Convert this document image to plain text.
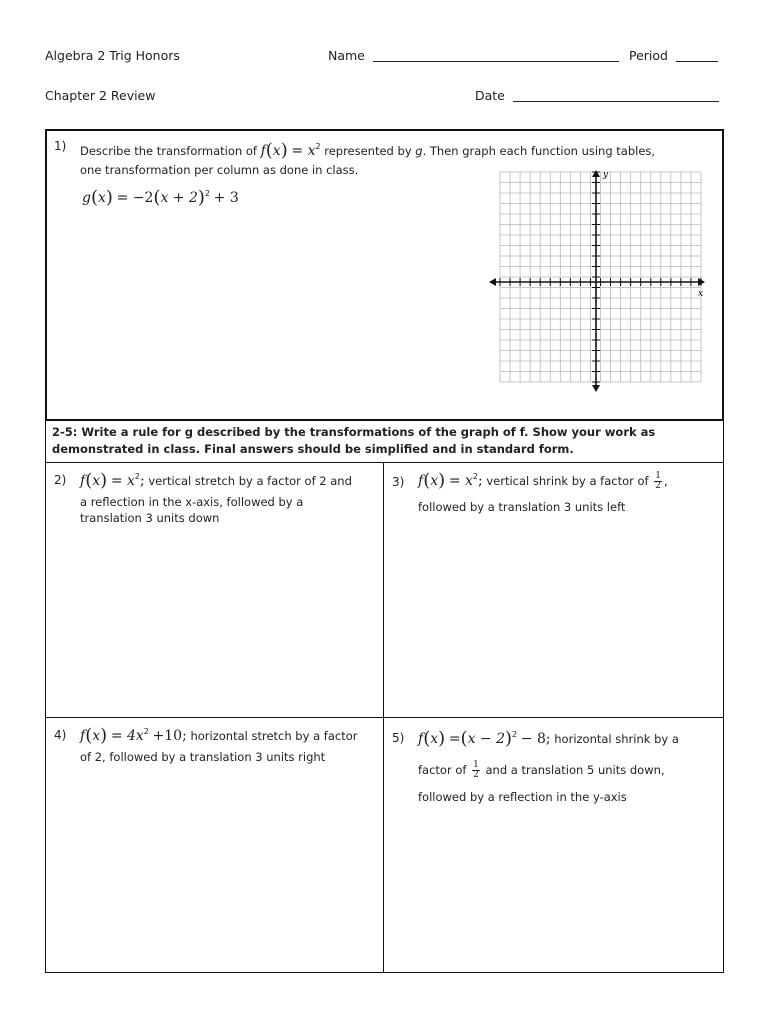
Algebra 2 Trig Honors	Name	Period
Chapter 2 Review	Date
1) Describe the transformation of $f(x) = x^2$ represented by g. Then graph each function using tables,
one transformation per column as done in class.
$g(x) = -2(x + 2)^2 + 3$
x
y
2-5: Write a rule for g described by the transformations of the graph of f. Show your work as
demonstrated in class. Final answers should be simplified and in standard form.
2) $f(x) = x^2$; vertical stretch by a factor of 2 and
a reflection in the x-axis, followed by a
translation 3 units down
3) $f(x) = x^2$; vertical shrink by a factor of $\frac{1}{2}$ ,
followed by a translation 3 units left
4) $f(x) = 4x^2 +10$; horizontal stretch by a factor
of 2, followed by a translation 3 units right
5) $f(x) =(x - 2)^2 - 8$; horizontal shrink by a
factor of $\frac{1}{2}$ and a translation 5 units down,
followed by a reflection in the y-axis
